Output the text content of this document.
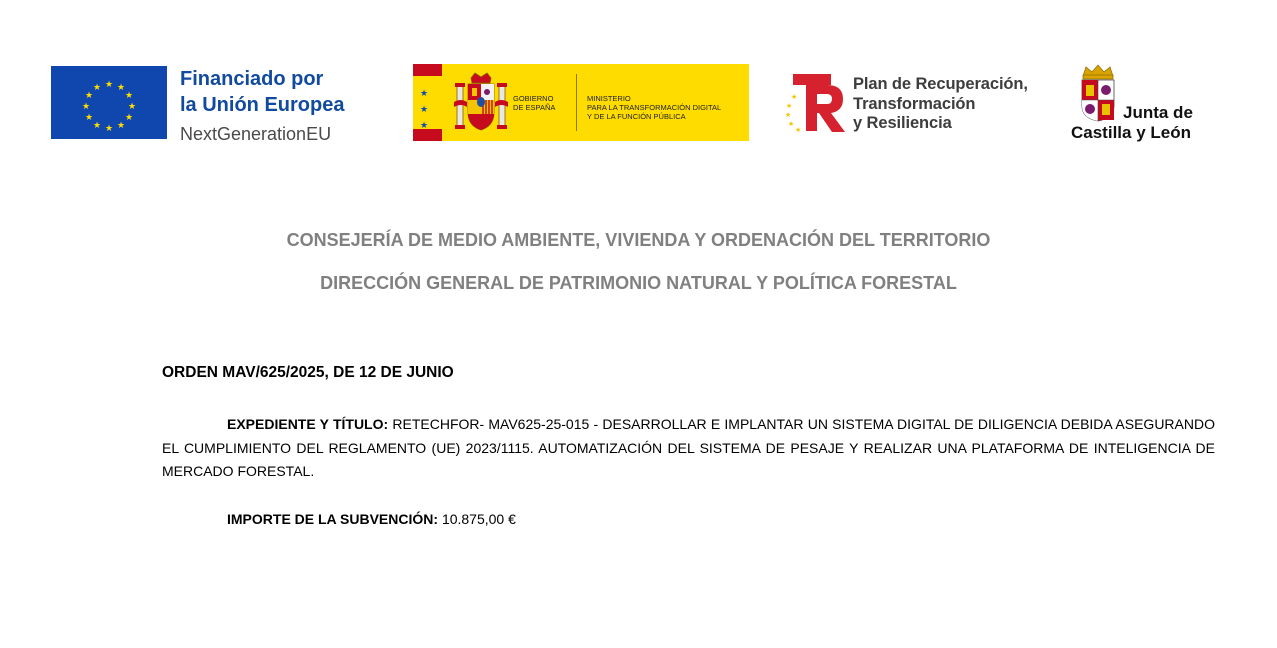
★ ★
★
★
★
★
★
★
★
★
★
★	Financiado por
la Unión Europea
NextGenerationEU
★
★
★
GOBIERNO
DE ESPAÑA
MINISTERIO
PARA LA TRANSFORMACIÓN DIGITAL
Y DE LA FUNCIÓN PÚBLICA
★
★
★
★
★
Plan de Recuperación,
Transformación
y Resiliencia
Junta de
Castilla y León
CONSEJERÍA DE MEDIO AMBIENTE, VIVIENDA Y ORDENACIÓN DEL TERRITORIO
DIRECCIÓN GENERAL DE PATRIMONIO NATURAL Y POLÍTICA FORESTAL
ORDEN MAV/625/2025, DE 12 DE JUNIO
EXPEDIENTE Y TÍTULO: RETECHFOR- MAV625-25-015 - DESARROLLAR E IMPLANTAR UN SISTEMA DIGITAL DE DILIGENCIA DEBIDA ASEGURANDO EL CUMPLIMIENTO DEL REGLAMENTO (UE) 2023/1115. AUTOMATIZACIÓN DEL SISTEMA DE PESAJE Y REALIZAR UNA PLATAFORMA DE INTELIGENCIA DE MERCADO FORESTAL.
IMPORTE DE LA SUBVENCIÓN: 10.875,00 €
